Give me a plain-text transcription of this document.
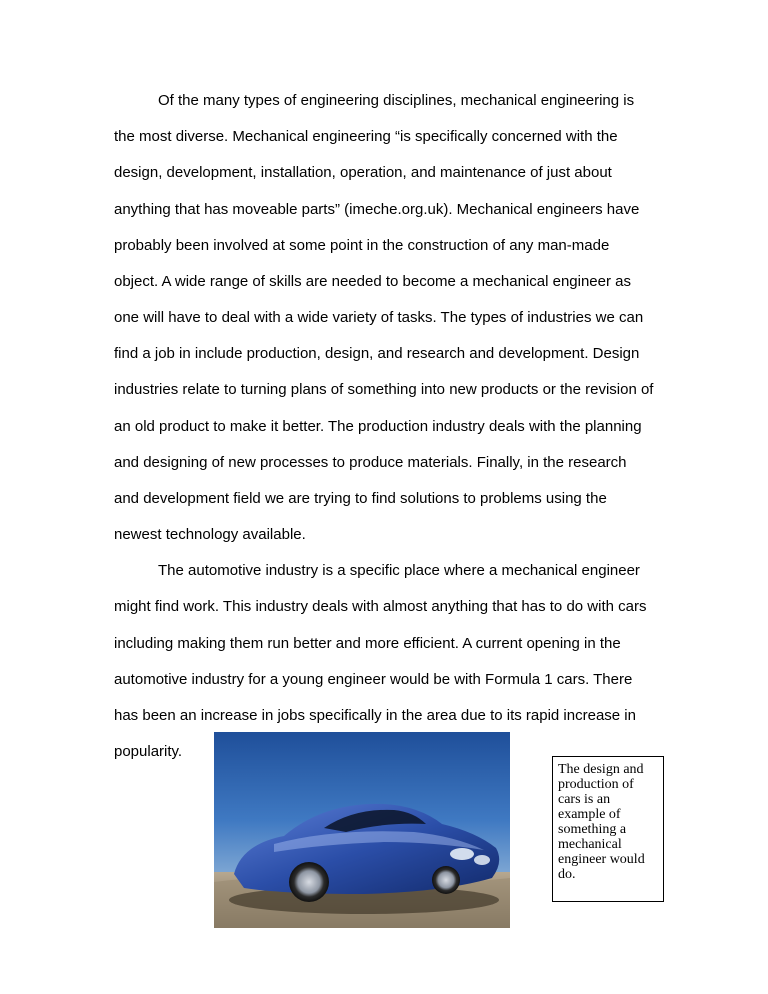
Of the many types of engineering disciplines, mechanical engineering is
the most diverse. Mechanical engineering “is specifically concerned with the
design, development, installation, operation, and maintenance of just about
anything that has moveable parts” (imeche.org.uk). Mechanical engineers have
probably been involved at some point in the construction of any man-made
object. A wide range of skills are needed to become a mechanical engineer as
one will have to deal with a wide variety of tasks. The types of industries we can
find a job in include production, design, and research and development. Design
industries relate to turning plans of something into new products or the revision of
an old product to make it better. The production industry deals with the planning
and designing of new processes to produce materials. Finally, in the research
and development field we are trying to find solutions to problems using the
newest technology available.
The automotive industry is a specific place where a mechanical engineer
might find work. This industry deals with almost anything that has to do with cars
including making them run better and more efficient. A current opening in the
automotive industry for a young engineer would be with Formula 1 cars. There
has been an increase in jobs specifically in the area due to its rapid increase in
popularity.
The design and
production of
cars is an
example of
something a
mechanical
engineer would
do.
